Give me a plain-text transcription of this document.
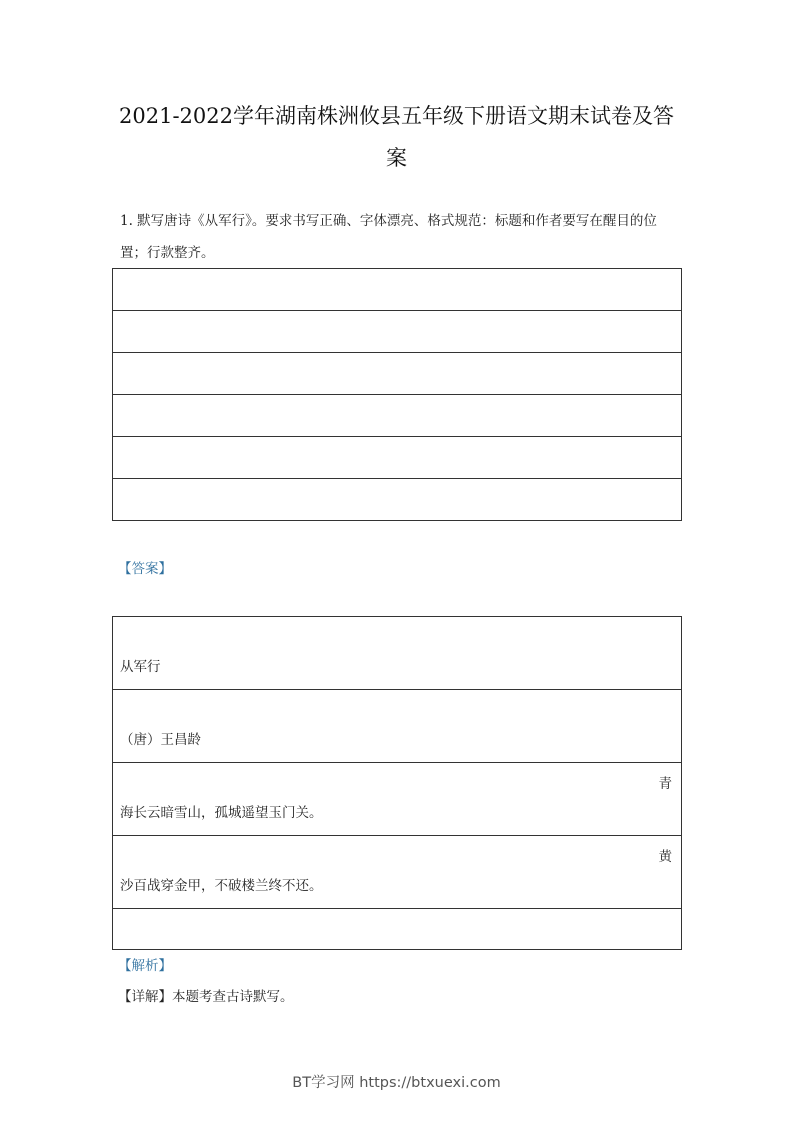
2021-2022学年湖南株洲攸县五年级下册语文期末试卷及答
案
1. 默写唐诗《从军行》。要求书写正确、字体漂亮、格式规范：标题和作者要写在醒目的位
置；行款整齐。

【答案】
从军行

（唐）王昌龄

青
海长云暗雪山，孤城遥望玉门关。

黄
沙百战穿金甲，不破楼兰终不还。

【解析】
【详解】本题考查古诗默写。
BT学习网 https://btxuexi.com
